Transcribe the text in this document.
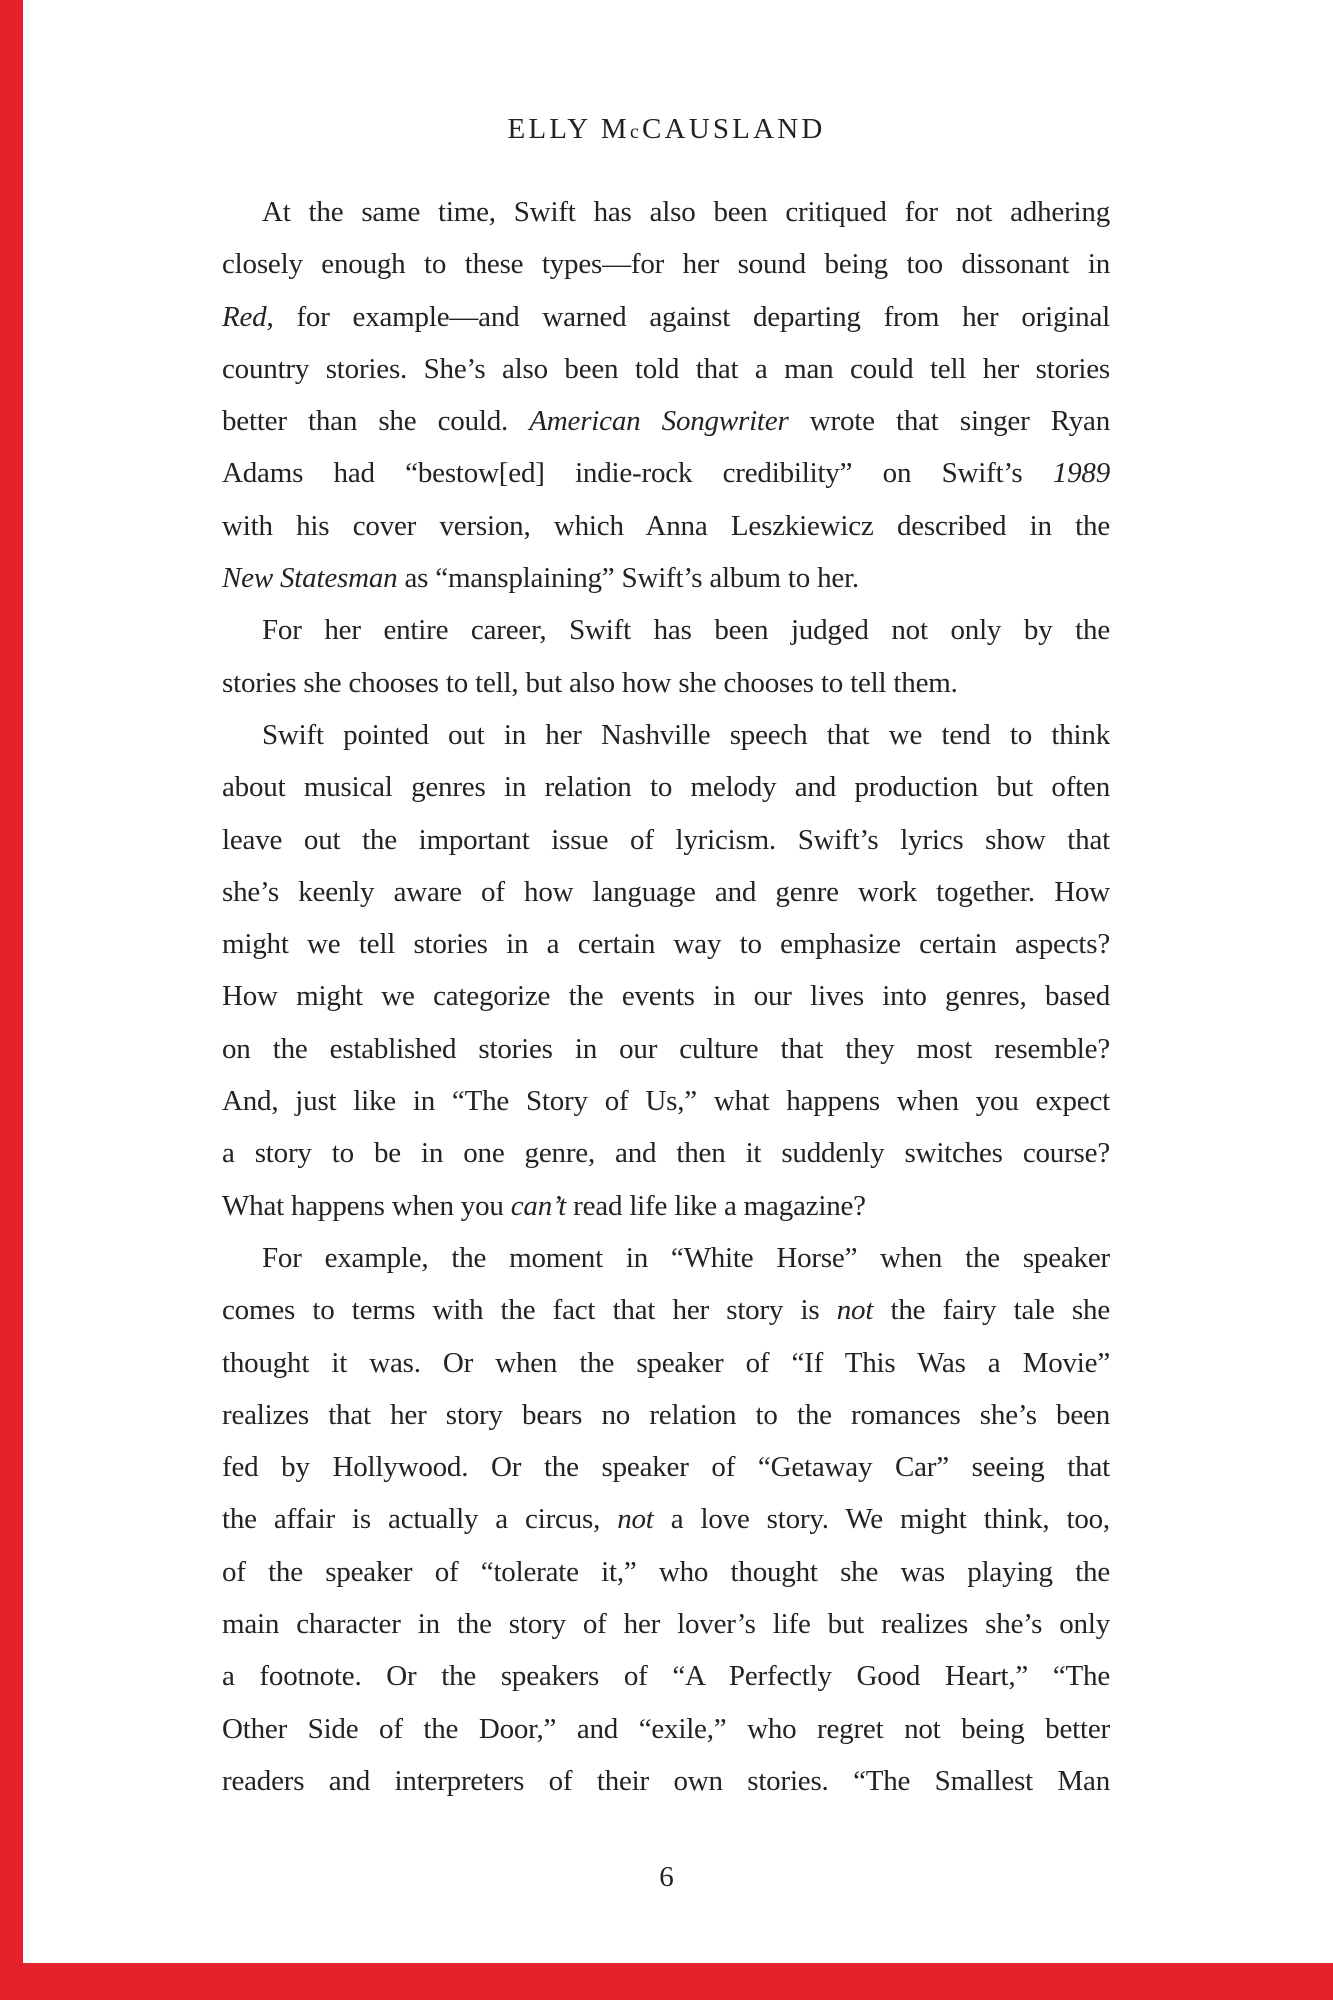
ELLY McCAUSLAND
At the same time, Swift has also been critiqued for not adhering
closely enough to these types—for her sound being too dissonant in
Red, for example—and warned against departing from her original
country stories. She’s also been told that a man could tell her stories
better than she could. American Songwriter wrote that singer Ryan
Adams had “bestow[ed] indie-rock credibility” on Swift’s 1989
with his cover version, which Anna Leszkiewicz described in the
New Statesman as “mansplaining” Swift’s album to her.
For her entire career, Swift has been judged not only by the
stories she chooses to tell, but also how she chooses to tell them.
Swift pointed out in her Nashville speech that we tend to think
about musical genres in relation to melody and production but often
leave out the important issue of lyricism. Swift’s lyrics show that
she’s keenly aware of how language and genre work together. How
might we tell stories in a certain way to emphasize certain aspects?
How might we categorize the events in our lives into genres, based
on the established stories in our culture that they most resemble?
And, just like in “The Story of Us,” what happens when you expect
a story to be in one genre, and then it suddenly switches course?
What happens when you can’t read life like a magazine?
For example, the moment in “White Horse” when the speaker
comes to terms with the fact that her story is not the fairy tale she
thought it was. Or when the speaker of “If This Was a Movie”
realizes that her story bears no relation to the romances she’s been
fed by Hollywood. Or the speaker of “Getaway Car” seeing that
the affair is actually a circus, not a love story. We might think, too,
of the speaker of “tolerate it,” who thought she was playing the
main character in the story of her lover’s life but realizes she’s only
a footnote. Or the speakers of “A Perfectly Good Heart,” “The
Other Side of the Door,” and “exile,” who regret not being better
readers and interpreters of their own stories. “The Smallest Man
6
